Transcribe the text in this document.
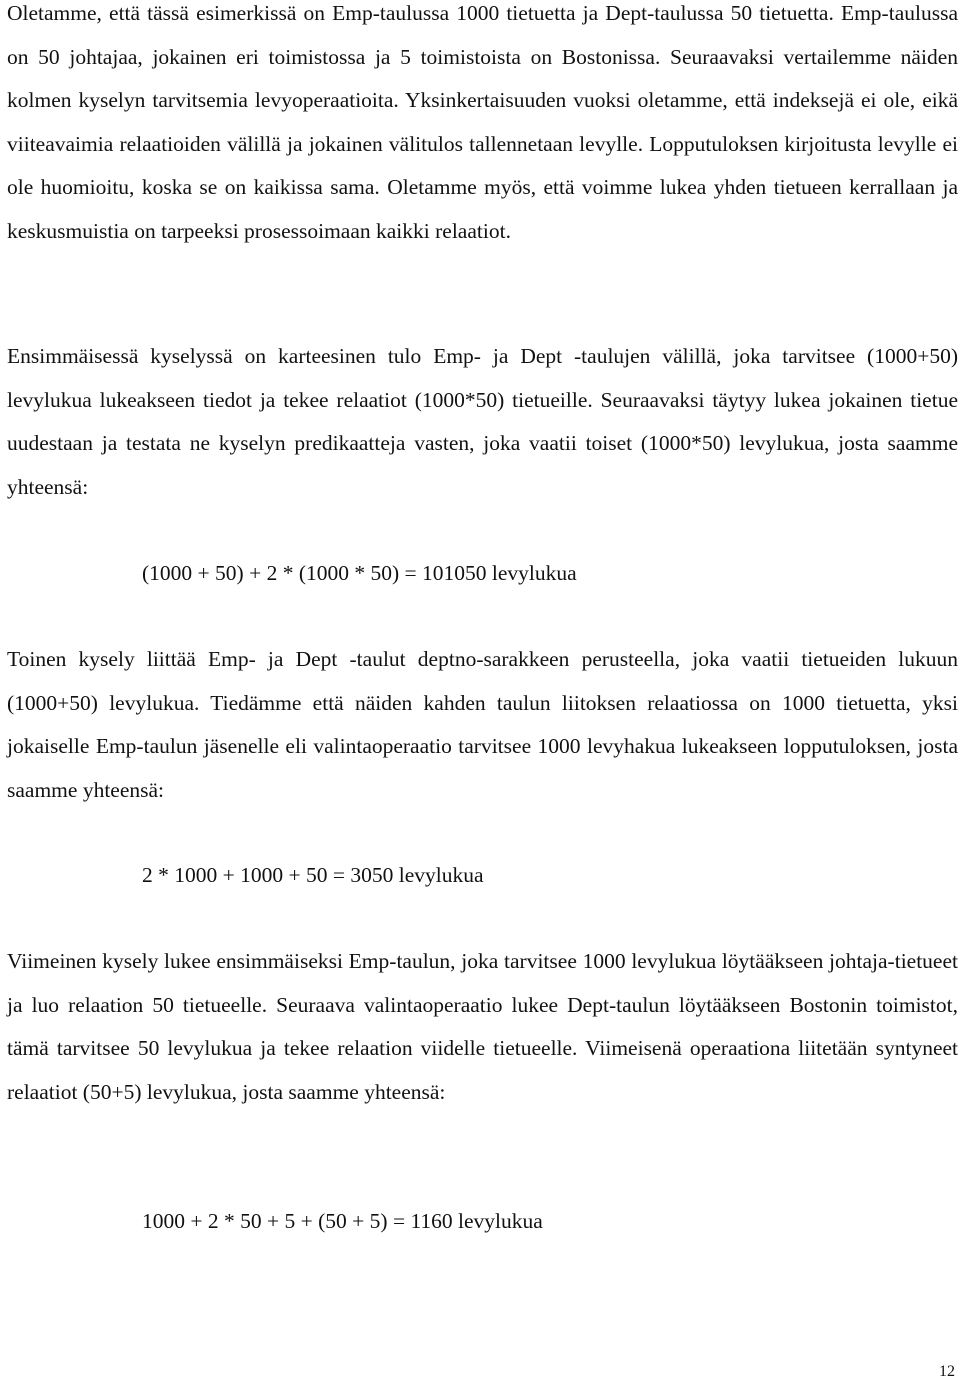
Oletamme, että tässä esimerkissä on Emp-taulussa 1000 tietuetta ja Dept-taulussa 50 tietuetta. Emp-taulussa on 50 johtajaa, jokainen eri toimistossa ja 5 toimistoista on Bostonissa. Seuraavaksi vertailemme näiden kolmen kyselyn tarvitsemia levyoperaatioita. Yksinkertaisuuden vuoksi oletamme, että indeksejä ei ole, eikä viiteavaimia relaatioiden välillä ja jokainen välitulos tallennetaan levylle. Lopputuloksen kirjoitusta levylle ei ole huomioitu, koska se on kaikissa sama. Oletamme myös, että voimme lukea yhden tietueen kerrallaan ja keskusmuistia on tarpeeksi prosessoimaan kaikki relaatiot.

Ensimmäisessä kyselyssä on karteesinen tulo Emp- ja Dept -taulujen välillä, joka tarvitsee (1000+50) levylukua lukeakseen tiedot ja tekee relaatiot (1000*50) tietueille. Seuraavaksi täytyy lukea jokainen tietue uudestaan ja testata ne kyselyn predikaatteja vasten, joka vaatii toiset (1000*50) levylukua, josta saamme yhteensä:

(1000 + 50) + 2 * (1000 * 50) = 101050 levylukua

Toinen kysely liittää Emp- ja Dept -taulut deptno-sarakkeen perusteella, joka vaatii tietueiden lukuun (1000+50) levylukua. Tiedämme että näiden kahden taulun liitoksen relaatiossa on 1000 tietuetta, yksi jokaiselle Emp-taulun jäsenelle eli valintaoperaatio tarvitsee 1000 levyhakua lukeakseen lopputuloksen, josta saamme yhteensä:

2 * 1000 + 1000 + 50 = 3050 levylukua

Viimeinen kysely lukee ensimmäiseksi Emp-taulun, joka tarvitsee 1000 levylukua löytääkseen johtaja-tietueet ja luo relaation 50 tietueelle. Seuraava valintaoperaatio lukee Dept-taulun löytääkseen Bostonin toimistot, tämä tarvitsee 50 levylukua ja tekee relaation viidelle tietueelle. Viimeisenä operaationa liitetään syntyneet relaatiot (50+5) levylukua, josta saamme yhteensä:

1000 + 2 * 50 + 5 + (50 + 5) = 1160 levylukua

12
